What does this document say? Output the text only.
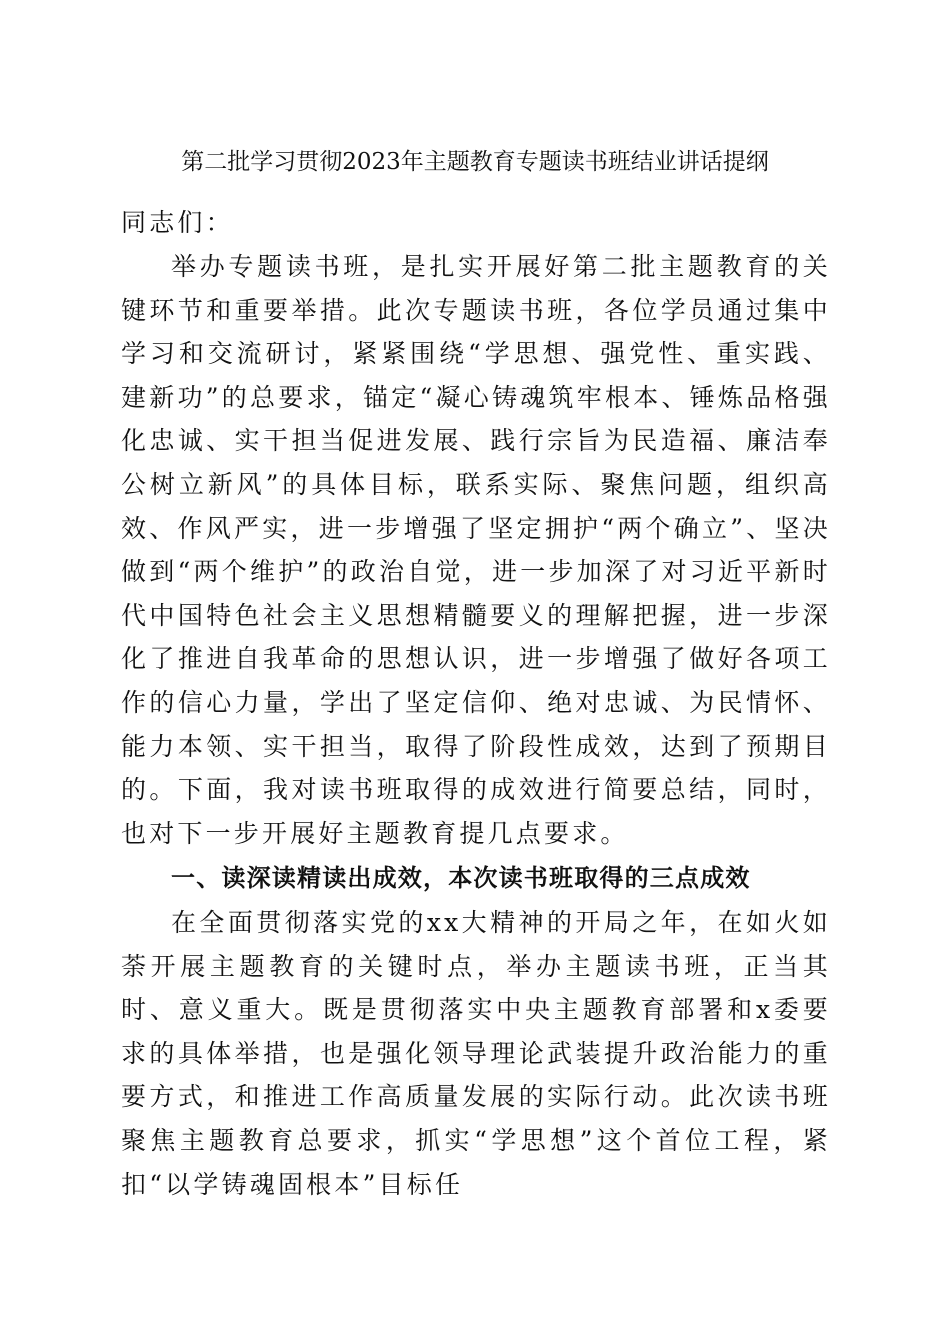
第二批学习贯彻2023年主题教育专题读书班结业讲话提纲
同志们：
举办专题读书班，是扎实开展好第二批主题教育的关键环节和重要举措。此次专题读书班，各位学员通过集中学习和交流研讨，紧紧围绕“学思想、强党性、重实践、建新功”的总要求，锚定“凝心铸魂筑牢根本、锤炼品格强化忠诚、实干担当促进发展、践行宗旨为民造福、廉洁奉公树立新风”的具体目标，联系实际、聚焦问题，组织高效、作风严实，进一步增强了坚定拥护“两个确立”、坚决做到“两个维护”的政治自觉，进一步加深了对习近平新时代中国特色社会主义思想精髓要义的理解把握，进一步深化了推进自我革命的思想认识，进一步增强了做好各项工作的信心力量，学出了坚定信仰、绝对忠诚、为民情怀、能力本领、实干担当，取得了阶段性成效，达到了预期目的。下面，我对读书班取得的成效进行简要总结，同时，也对下一步开展好主题教育提几点要求。
一、读深读精读出成效，本次读书班取得的三点成效
在全面贯彻落实党的xx大精神的开局之年，在如火如荼开展主题教育的关键时点，举办主题读书班，正当其时、意义重大。既是贯彻落实中央主题教育部署和x委要求的具体举措，也是强化领导理论武装提升政治能力的重要方式，和推进工作高质量发展的实际行动。此次读书班聚焦主题教育总要求，抓实“学思想”这个首位工程，紧扣“以学铸魂固根本”目标任
